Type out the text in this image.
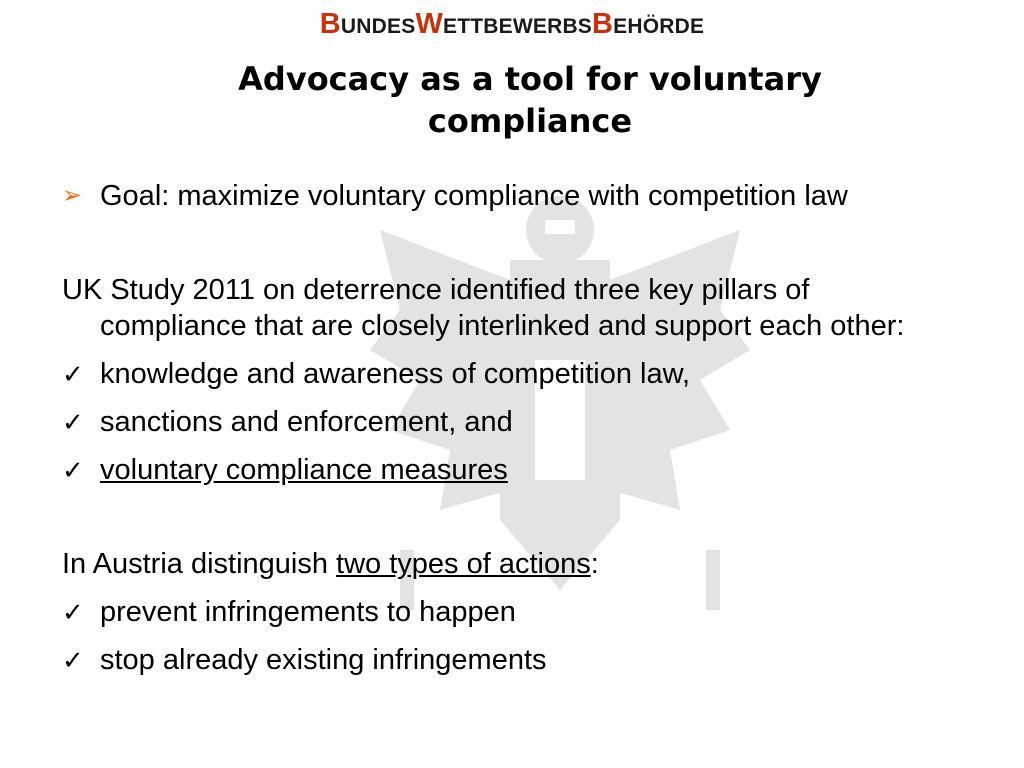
BUNDESWETTBEWERBSBEHÖRDE
Advocacy as a tool for voluntary compliance
➢ Goal: maximize voluntary compliance with competition law
UK Study 2011 on deterrence identified three key pillars of compliance that are closely interlinked and support each other:
✓ knowledge and awareness of competition law,
✓ sanctions and enforcement, and
✓ voluntary compliance measures
In Austria distinguish two types of actions :
✓ prevent infringements to happen
✓ stop already existing infringements
